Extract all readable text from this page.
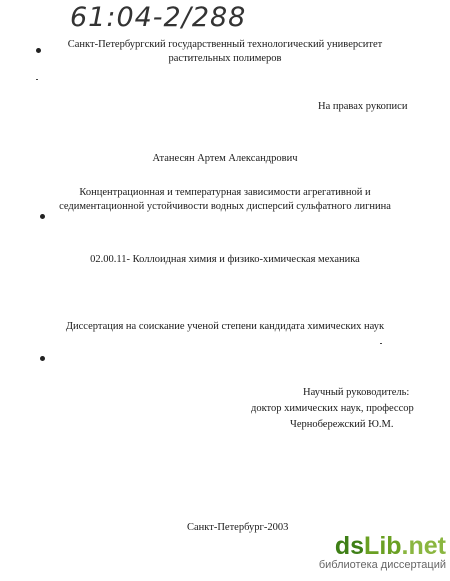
61:04-2/288
Санкт-Петербургский государственный технологический университет
растительных полимеров
На правах рукописи
Атанесян Артем Александрович
Концентрационная и температурная зависимости агрегативной и
седиментационной устойчивости водных дисперсий сульфатного лигнина
02.00.11- Коллоидная химия и физико-химическая механика
Диссертация на соискание ученой степени кандидата химических наук
Научный руководитель:
доктор химических наук, профессор
Чернобережский Ю.М.
Санкт-Петербург-2003
dsLib.net
библиотека диссертаций
